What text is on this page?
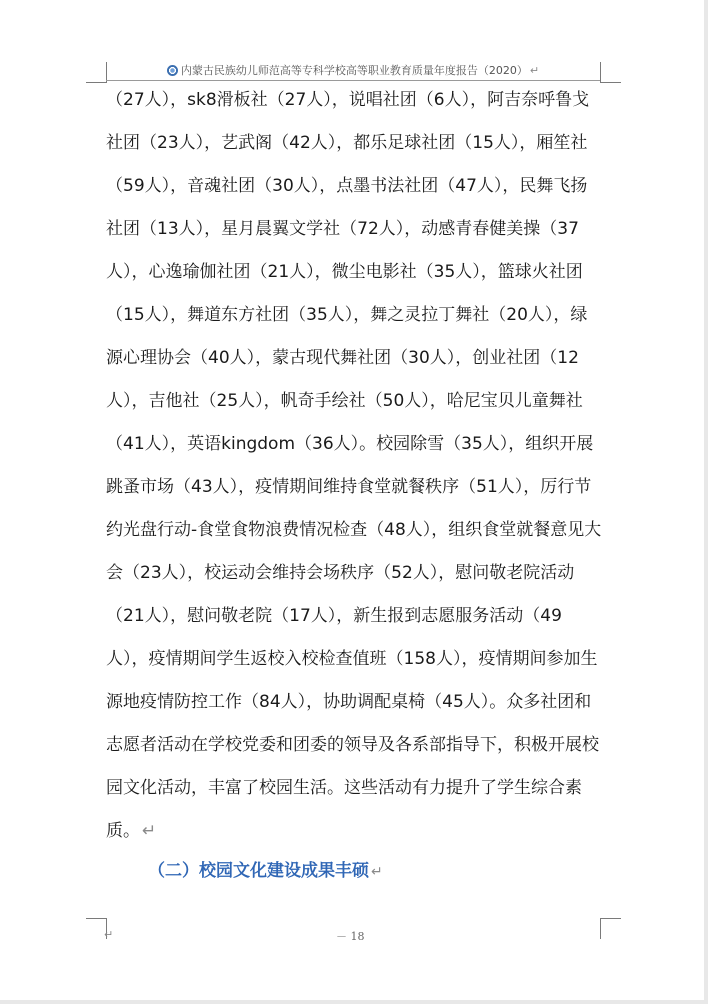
内蒙古民族幼儿师范高等专科学校高等职业教育质量年度报告（2020） ↵
（27人），sk8滑板社（27人），说唱社团（6人），阿吉奈呼鲁戈
社团（23人），艺武阁（42人），都乐足球社团（15人），厢笙社
（59人），音魂社团（30人），点墨书法社团（47人），民舞飞扬
社团（13人），星月晨翼文学社（72人），动感青春健美操（37
人），心逸瑜伽社团（21人），微尘电影社（35人），篮球火社团
（15人），舞道东方社团（35人），舞之灵拉丁舞社（20人），绿
源心理协会（40人），蒙古现代舞社团（30人），创业社团（12
人），吉他社（25人），帆奇手绘社（50人），哈尼宝贝儿童舞社
（41人），英语kingdom（36人）。校园除雪（35人），组织开展
跳蚤市场（43人），疫情期间维持食堂就餐秩序（51人），厉行节
约光盘行动-食堂食物浪费情况检查（48人），组织食堂就餐意见大
会（23人），校运动会维持会场秩序（52人），慰问敬老院活动
（21人），慰问敬老院（17人），新生报到志愿服务活动（49
人），疫情期间学生返校入校检查值班（158人），疫情期间参加生
源地疫情防控工作（84人），协助调配桌椅（45人）。众多社团和
志愿者活动在学校党委和团委的领导及各系部指导下，积极开展校
园文化活动，丰富了校园生活。这些活动有力提升了学生综合素
质。 ↵
（二）校园文化建设成果丰硕 ↵
↵	－ 18
